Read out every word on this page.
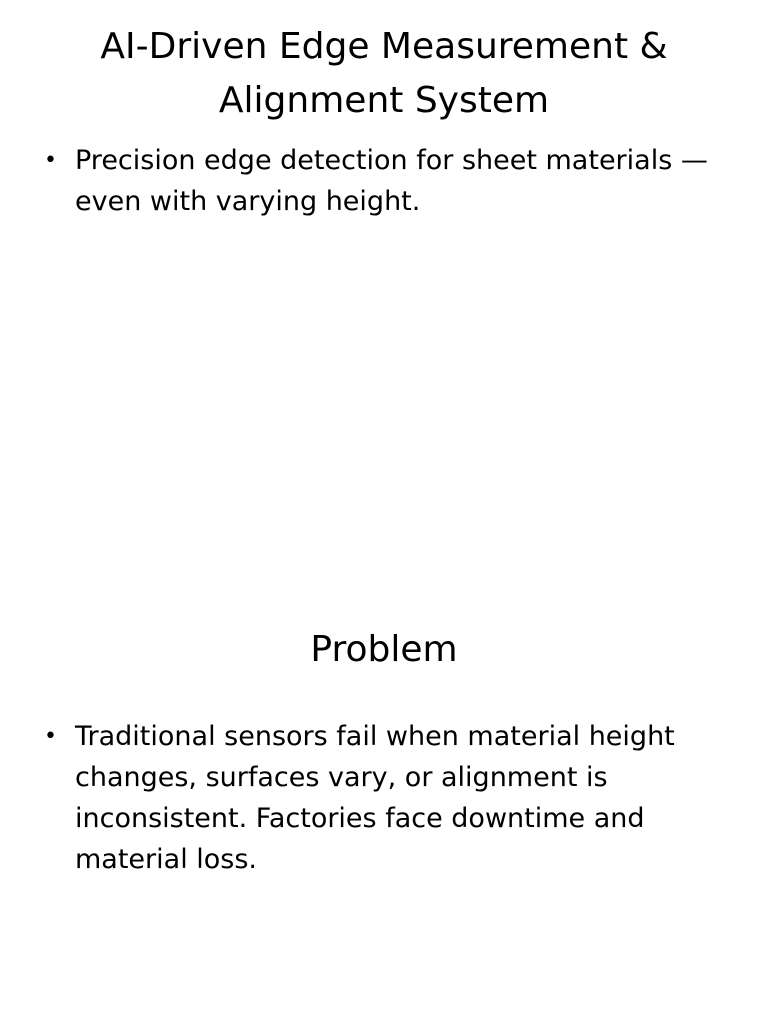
AI-Driven Edge Measurement & Alignment System
• Precision edge detection for sheet materials — even with varying height.
Problem
• Traditional sensors fail when material height changes, surfaces vary, or alignment is inconsistent. Factories face downtime and material loss.
